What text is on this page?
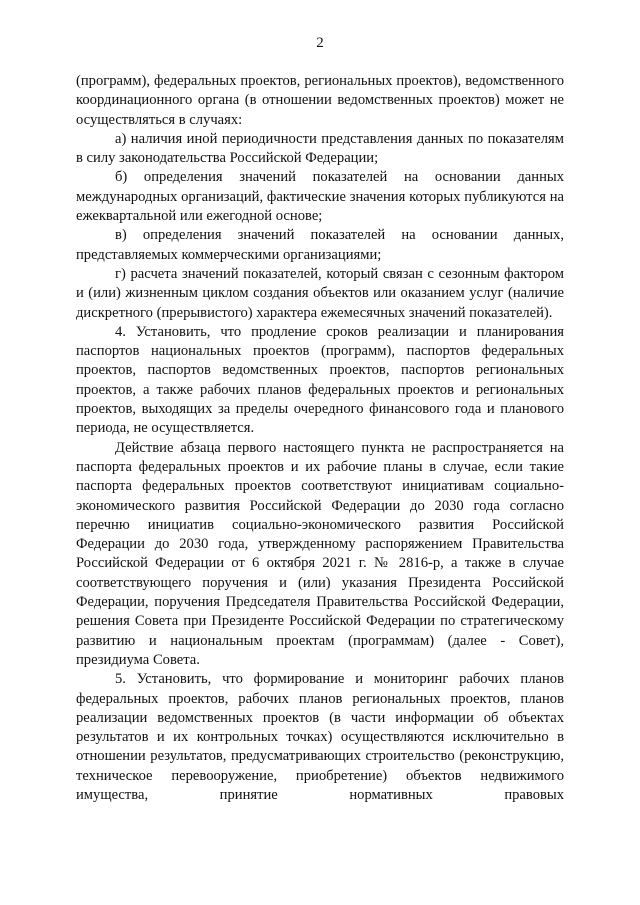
2

(программ), федеральных проектов, региональных проектов), ведомственного координационного органа (в отношении ведомственных проектов) может не осуществляться в случаях:

а) наличия иной периодичности представления данных по показателям в силу законодательства Российской Федерации;

б) определения значений показателей на основании данных международных организаций, фактические значения которых публикуются на ежеквартальной или ежегодной основе;

в) определения значений показателей на основании данных, представляемых коммерческими организациями;

г) расчета значений показателей, который связан с сезонным фактором и (или) жизненным циклом создания объектов или оказанием услуг (наличие дискретного (прерывистого) характера ежемесячных значений показателей).

4. Установить, что продление сроков реализации и планирования паспортов национальных проектов (программ), паспортов федеральных проектов, паспортов ведомственных проектов, паспортов региональных проектов, а также рабочих планов федеральных проектов и региональных проектов, выходящих за пределы очередного финансового года и планового периода, не осуществляется.

Действие абзаца первого настоящего пункта не распространяется на паспорта федеральных проектов и их рабочие планы в случае, если такие паспорта федеральных проектов соответствуют инициативам социально-экономического развития Российской Федерации до 2030 года согласно перечню инициатив социально-экономического развития Российской Федерации до 2030 года, утвержденному распоряжением Правительства Российской Федерации от 6 октября 2021 г. № 2816-р, а также в случае соответствующего поручения и (или) указания Президента Российской Федерации, поручения Председателя Правительства Российской Федерации, решения Совета при Президенте Российской Федерации по стратегическому развитию и национальным проектам (программам) (далее - Совет), президиума Совета.

5. Установить, что формирование и мониторинг рабочих планов федеральных проектов, рабочих планов региональных проектов, планов реализации ведомственных проектов (в части информации об объектах результатов и их контрольных точках) осуществляются исключительно в отношении результатов, предусматривающих строительство (реконструкцию, техническое перевооружение, приобретение) объектов недвижимого имущества, принятие нормативных правовых
